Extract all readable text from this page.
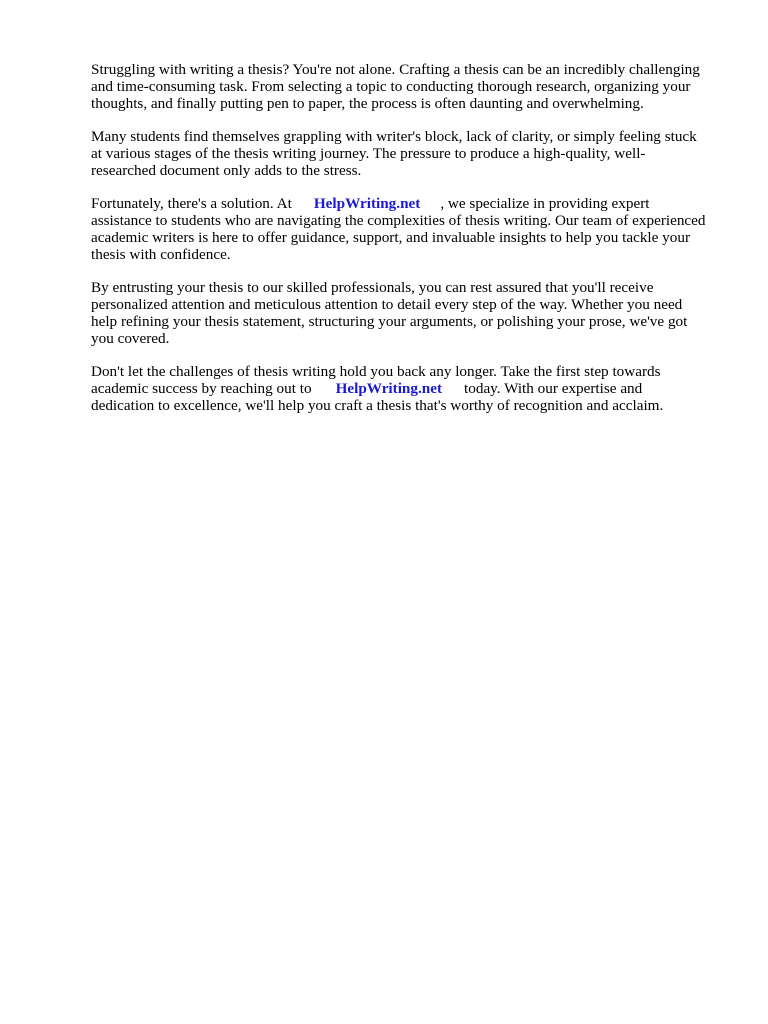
Struggling with writing a thesis? You're not alone. Crafting a thesis can be an incredibly challenging
and time-consuming task. From selecting a topic to conducting thorough research, organizing your
thoughts, and finally putting pen to paper, the process is often daunting and overwhelming.

Many students find themselves grappling with writer's block, lack of clarity, or simply feeling stuck
at various stages of the thesis writing journey. The pressure to produce a high-quality, well-
researched document only adds to the stress.

Fortunately, there's a solution. At HelpWriting.net , we specialize in providing expert
assistance to students who are navigating the complexities of thesis writing. Our team of experienced
academic writers is here to offer guidance, support, and invaluable insights to help you tackle your
thesis with confidence.

By entrusting your thesis to our skilled professionals, you can rest assured that you'll receive
personalized attention and meticulous attention to detail every step of the way. Whether you need
help refining your thesis statement, structuring your arguments, or polishing your prose, we've got
you covered.

Don't let the challenges of thesis writing hold you back any longer. Take the first step towards
academic success by reaching out to HelpWriting.net today. With our expertise and
dedication to excellence, we'll help you craft a thesis that's worthy of recognition and acclaim.
